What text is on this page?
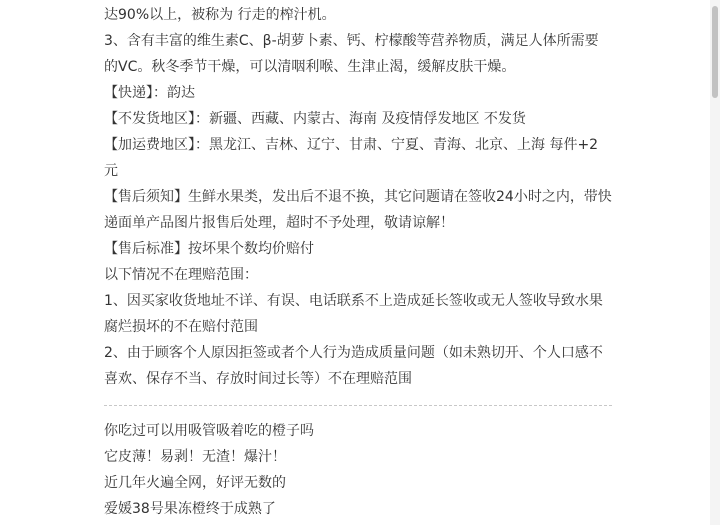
达90%以上，被称为 行走的榨汁机。
3、含有丰富的维生素C、β-胡萝卜素、钙、柠檬酸等营养物质，满足人体所需要
的VC。秋冬季节干燥，可以清咽利喉、生津止渴，缓解皮肤干燥。
【快递】：韵达
【不发货地区】：新疆、西藏、内蒙古、海南 及疫情俘发地区 不发货
【加运费地区】：黑龙江、吉林、辽宁、甘肃、宁夏、青海、北京、上海 每件+2
元
【售后须知】生鲜水果类，发出后不退不换，其它问题请在签收24小时之内，带快
递面单产品图片报售后处理，超时不予处理，敬请谅解！
【售后标准】按坏果个数均价赔付
以下情况不在理赔范围：
1、因买家收货地址不详、有误、电话联系不上造成延长签收或无人签收导致水果
腐烂损坏的不在赔付范围
2、由于顾客个人原因拒签或者个人行为造成质量问题（如未熟切开、个人口感不
喜欢、保存不当、存放时间过长等）不在理赔范围
你吃过可以用吸管吸着吃的橙子吗
它皮薄！易剥！无渣！爆汁！
近几年火遍全网，好评无数的
爱媛38号果冻橙终于成熟了
